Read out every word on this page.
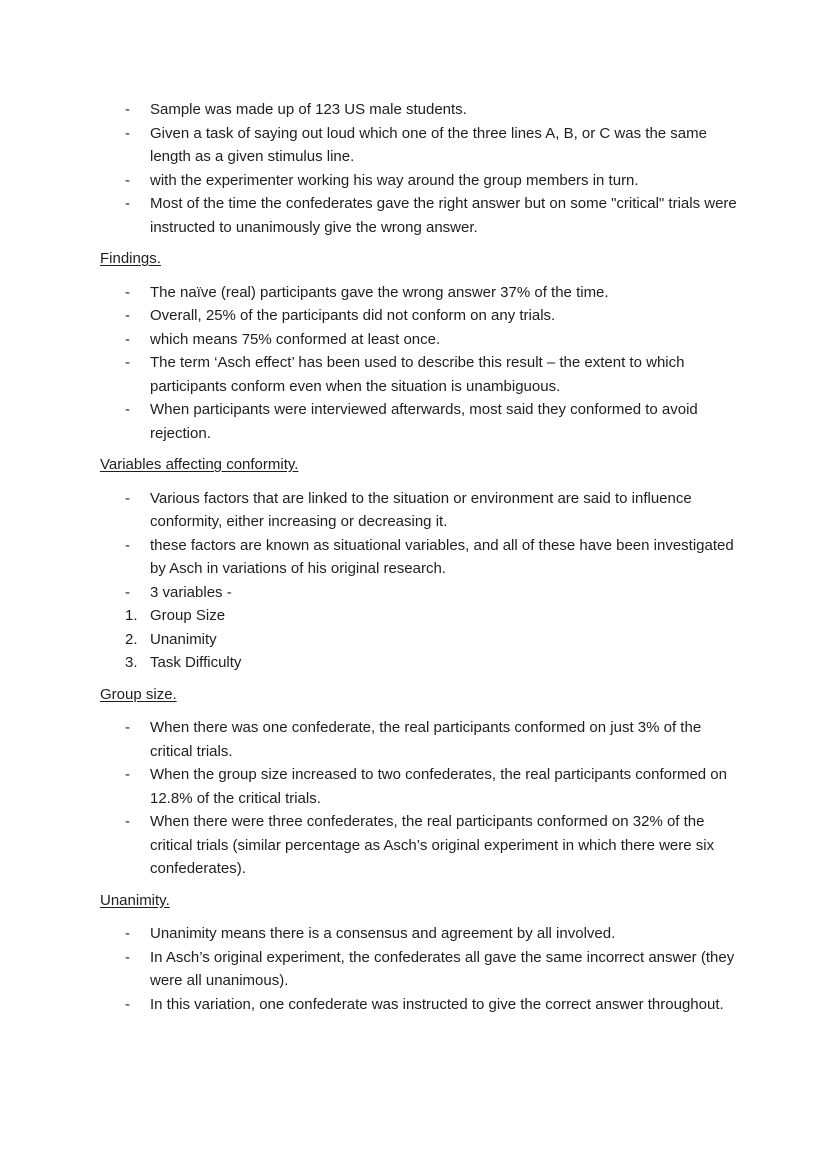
-	Sample was made up of 123 US male students.
-	Given a task of saying out loud which one of the three lines A, B, or C was the same length as a given stimulus line.
-	with the experimenter working his way around the group members in turn.
-	Most of the time the confederates gave the right answer but on some "critical" trials were instructed to unanimously give the wrong answer.
Findings.
-	The naïve (real) participants gave the wrong answer 37% of the time.
-	Overall, 25% of the participants did not conform on any trials.
-	which means 75% conformed at least once.
-	The term ‘Asch effect’ has been used to describe this result – the extent to which participants conform even when the situation is unambiguous.
-	When participants were interviewed afterwards, most said they conformed to avoid rejection.
Variables affecting conformity.
-	Various factors that are linked to the situation or environment are said to influence conformity, either increasing or decreasing it.
-	these factors are known as situational variables, and all of these have been investigated by Asch in variations of his original research.
-	3 variables -
1. Group Size
2. Unanimity
3. Task Difficulty
Group size.
-	When there was one confederate, the real participants conformed on just 3% of the critical trials.
-	When the group size increased to two confederates, the real participants conformed on 12.8% of the critical trials.
-	When there were three confederates, the real participants conformed on 32% of the critical trials (similar percentage as Asch’s original experiment in which there were six confederates).
Unanimity.
-	Unanimity means there is a consensus and agreement by all involved.
-	In Asch’s original experiment, the confederates all gave the same incorrect answer (they were all unanimous).
-	In this variation, one confederate was instructed to give the correct answer throughout.
